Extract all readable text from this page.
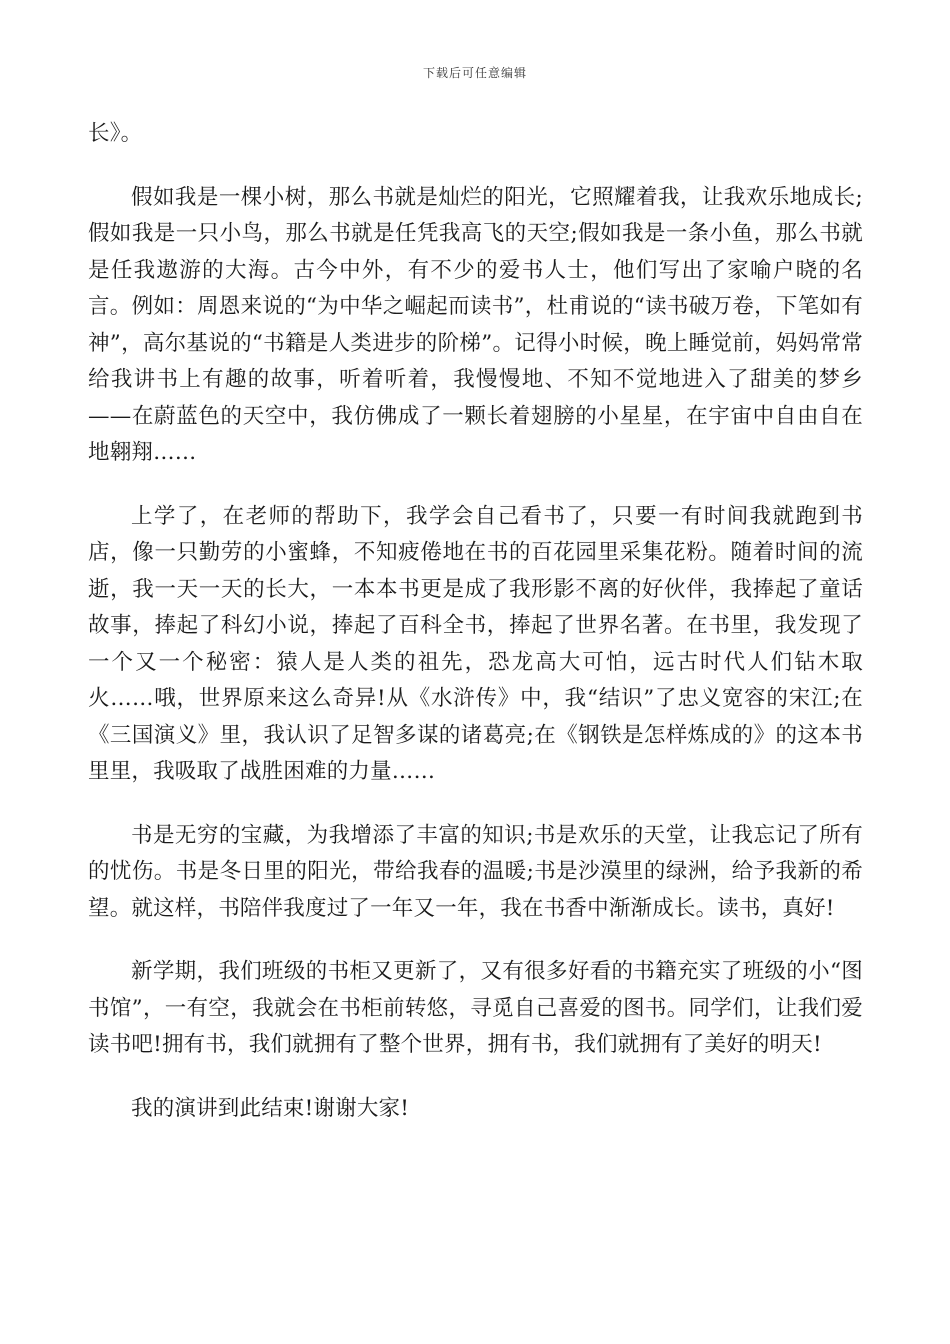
下载后可任意编辑

长》。

假如我是一棵小树，那么书就是灿烂的阳光，它照耀着我，让我欢乐地成长;假如我是一只小鸟，那么书就是任凭我高飞的天空;假如我是一条小鱼，那么书就是任我遨游的大海。古今中外，有不少的爱书人士，他们写出了家喻户晓的名言。例如：周恩来说的“为中华之崛起而读书”，杜甫说的“读书破万卷，下笔如有神”，高尔基说的“书籍是人类进步的阶梯”。记得小时候，晚上睡觉前，妈妈常常给我讲书上有趣的故事，听着听着，我慢慢地、不知不觉地进入了甜美的梦乡——在蔚蓝色的天空中，我仿佛成了一颗长着翅膀的小星星，在宇宙中自由自在地翱翔……

上学了，在老师的帮助下，我学会自己看书了，只要一有时间我就跑到书店，像一只勤劳的小蜜蜂，不知疲倦地在书的百花园里采集花粉。随着时间的流逝，我一天一天的长大，一本本书更是成了我形影不离的好伙伴，我捧起了童话故事，捧起了科幻小说，捧起了百科全书，捧起了世界名著。在书里，我发现了一个又一个秘密：猿人是人类的祖先，恐龙高大可怕，远古时代人们钻木取火……哦，世界原来这么奇异!从《水浒传》中，我“结识”了忠义宽容的宋江;在《三国演义》里，我认识了足智多谋的诸葛亮;在《钢铁是怎样炼成的》的这本书里里，我吸取了战胜困难的力量……

书是无穷的宝藏，为我增添了丰富的知识;书是欢乐的天堂，让我忘记了所有的忧伤。书是冬日里的阳光，带给我春的温暖;书是沙漠里的绿洲，给予我新的希望。就这样，书陪伴我度过了一年又一年，我在书香中渐渐成长。读书，真好!

新学期，我们班级的书柜又更新了，又有很多好看的书籍充实了班级的小“图书馆”，一有空，我就会在书柜前转悠，寻觅自己喜爱的图书。同学们，让我们爱读书吧!拥有书，我们就拥有了整个世界，拥有书，我们就拥有了美好的明天!

我的演讲到此结束!谢谢大家!
